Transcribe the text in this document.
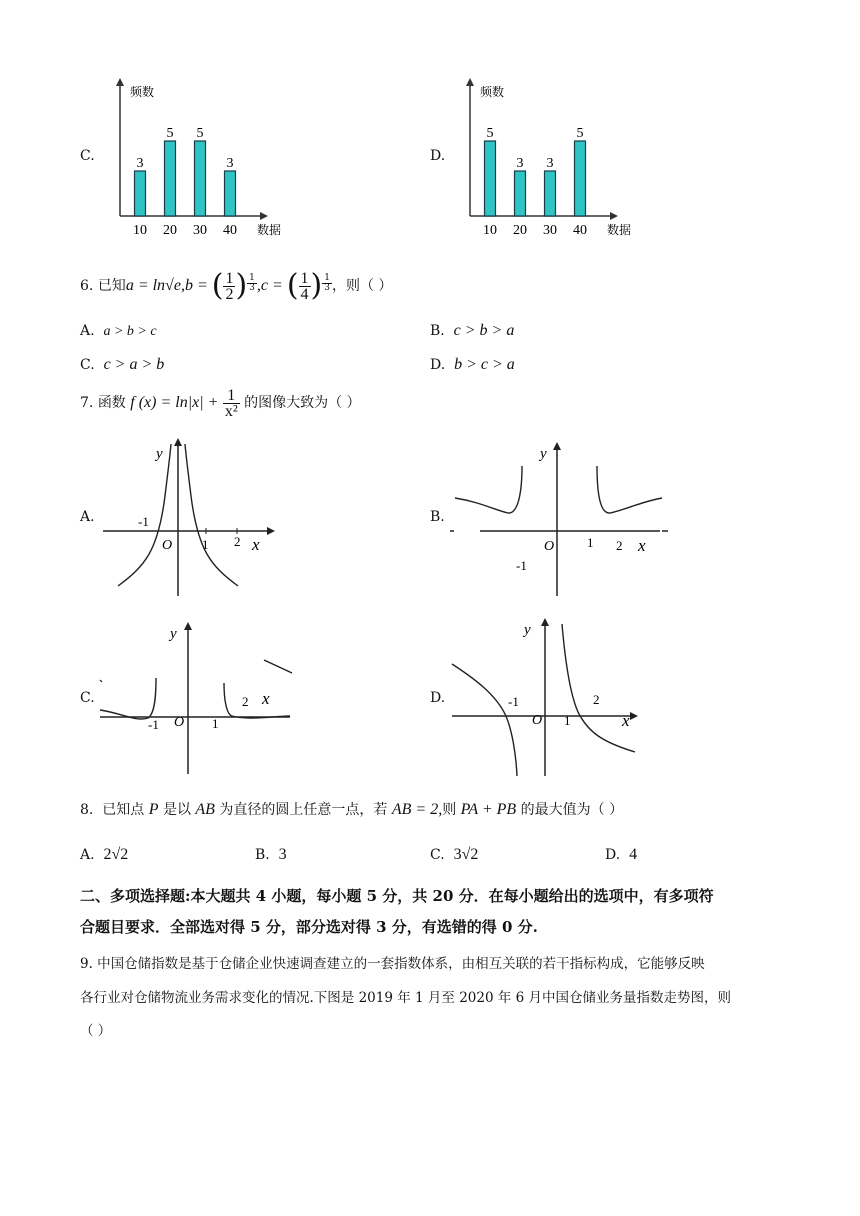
C.
频数
数据
3
10
5
20
5
30
3
40
D.
频数
数据
5
10
3
20
3
30
5
40
6.
已知 a = ln√e , b = ( $\frac{1}{2}$ ) $^{\frac{1}{3}}$ , c = ( $\frac{1}{4}$ ) $^{\frac{1}{3}}$ ，则（ ）
A. a > b > c	B. c > b > a
C. c > a > b	D. b > c > a
7.
函数
f (x) = ln|x| +
$\frac{1}{\text{x²}}$
的图像大致为（ ）
A.
y
x
O
-1
1 2
B.
y
x
O
-1
1 2
C.
y
x
O
-1	1
2	D.
y
x
O
-1
1
2
8. 已知点 P 是以 AB 为直径的圆上任意一点，若 AB = 2,则 PA + PB 的最大值为（ ）
A. 2√2	B. 3	C. 3√2	D. 4
二、多项选择题:本大题共 4 小题，每小题 5 分，共 20 分．在每小题给出的选项中，有多项符
合题目要求．全部选对得 5 分，部分选对得 3 分，有选错的得 0 分.
9. 中国仓储指数是基于仓储企业快速调查建立的一套指数体系，由相互关联的若干指标构成，它能够反映
各行业对仓储物流业务需求变化的情况.下图是 2019 年 1 月至 2020 年 6 月中国仓储业务量指数走势图，则
（ ）
